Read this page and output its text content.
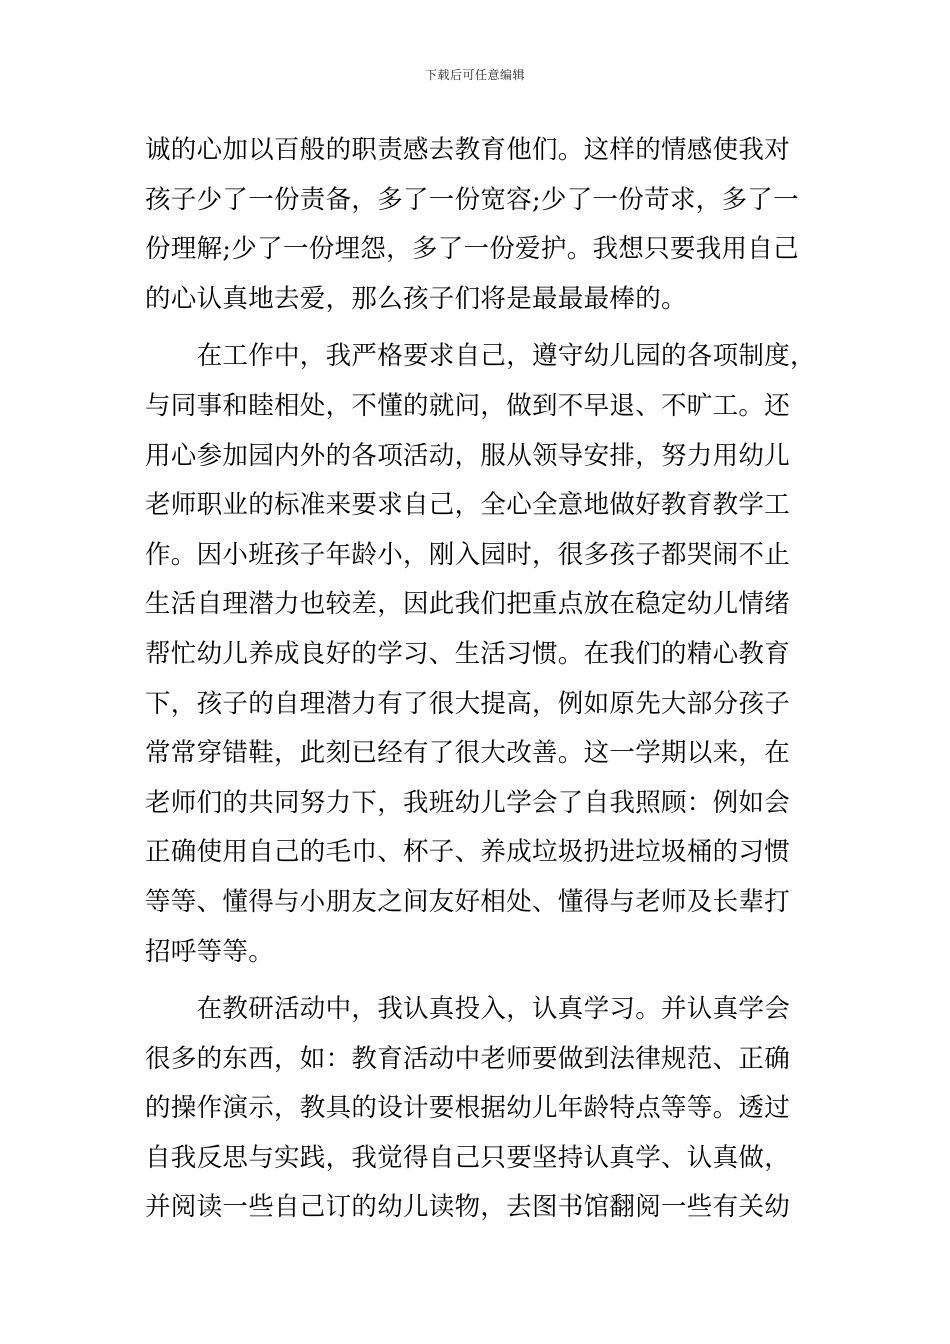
下载后可任意编辑
诚的心加以百般的职责感去教育他们。这样的情感使我对
孩子少了一份责备，多了一份宽容;少了一份苛求，多了一
份理解;少了一份埋怨，多了一份爱护。我想只要我用自己
的心认真地去爱，那么孩子们将是最最最棒的。
　　在工作中，我严格要求自己，遵守幼儿园的各项制度，
与同事和睦相处，不懂的就问，做到不早退、不旷工。还
用心参加园内外的各项活动，服从领导安排，努力用幼儿
老师职业的标准来要求自己，全心全意地做好教育教学工
作。因小班孩子年龄小，刚入园时，很多孩子都哭闹不止
生活自理潜力也较差，因此我们把重点放在稳定幼儿情绪
帮忙幼儿养成良好的学习、生活习惯。在我们的精心教育
下，孩子的自理潜力有了很大提高，例如原先大部分孩子
常常穿错鞋，此刻已经有了很大改善。这一学期以来，在
老师们的共同努力下，我班幼儿学会了自我照顾：例如会
正确使用自己的毛巾、杯子、养成垃圾扔进垃圾桶的习惯
等等、懂得与小朋友之间友好相处、懂得与老师及长辈打
招呼等等。
　　在教研活动中，我认真投入，认真学习。并认真学会
很多的东西，如：教育活动中老师要做到法律规范、正确
的操作演示，教具的设计要根据幼儿年龄特点等等。透过
自我反思与实践，我觉得自己只要坚持认真学、认真做，
并阅读一些自己订的幼儿读物，去图书馆翻阅一些有关幼
